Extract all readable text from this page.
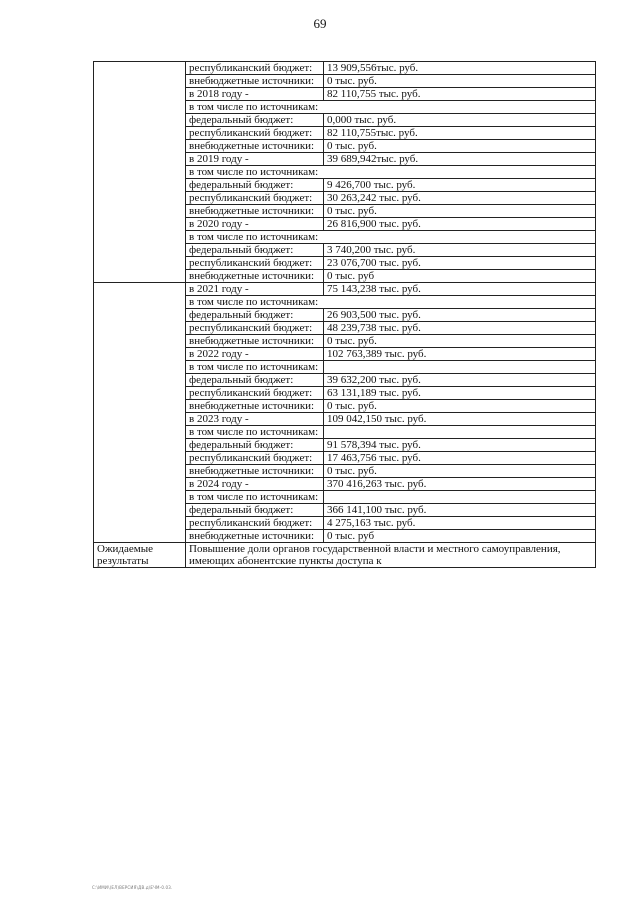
69
	республиканский бюджет:	13 909,556тыс. руб.
	внебюджетные источники:	0 тыс. руб.
	в 2018 году -	82 110,755 тыс. руб.
	в том числе по источникам:	
	федеральный бюджет:	0,000 тыс. руб.
	республиканский бюджет:	82 110,755тыс. руб.
	внебюджетные источники:	0 тыс. руб.
	в 2019 году -	39 689,942тыс. руб.
	в том числе по источникам:	
	федеральный бюджет:	9 426,700 тыс. руб.
	республиканский бюджет:	30 263,242 тыс. руб.
	внебюджетные источники:	0 тыс. руб.
	в 2020 году -	26 816,900 тыс. руб.
	в том числе по источникам:	
	федеральный бюджет:	3 740,200 тыс. руб.
	республиканский бюджет:	23 076,700 тыс. руб.
	внебюджетные источники:	0 тыс. руб
	в 2021 году -	75 143,238 тыс. руб.
	в том числе по источникам:	
	федеральный бюджет:	26 903,500 тыс. руб.
	республиканский бюджет:	48 239,738 тыс. руб.
	внебюджетные источники:	0 тыс. руб.
	в 2022 году -	102 763,389 тыс. руб.
	в том числе по источникам:	
	федеральный бюджет:	39 632,200 тыс. руб.
	республиканский бюджет:	63 131,189 тыс. руб.
	внебюджетные источники:	0 тыс. руб.
	в 2023 году -	109 042,150 тыс. руб.
	в том числе по источникам:	
	федеральный бюджет:	91 578,394 тыс. руб.
	республиканский бюджет:	17 463,756 тыс. руб.
	внебюджетные источники:	0 тыс. руб.
	в 2024 году -	370 416,263 тыс. руб.
	в том числе по источникам:	
	федеральный бюджет:	366 141,100 тыс. руб.
	республиканский бюджет:	4 275,163 тыс. руб.
	внебюджетные источники:	0 тыс. руб
Ожидаемые результаты	Повышение доли органов государственной власти и местного самоуправления, имеющих абонентские пункты доступа к	
С:\ИМИ\(ЕЛ)ВЕРСИЯ\ДВ.д\ЕЧМ-0.03.
